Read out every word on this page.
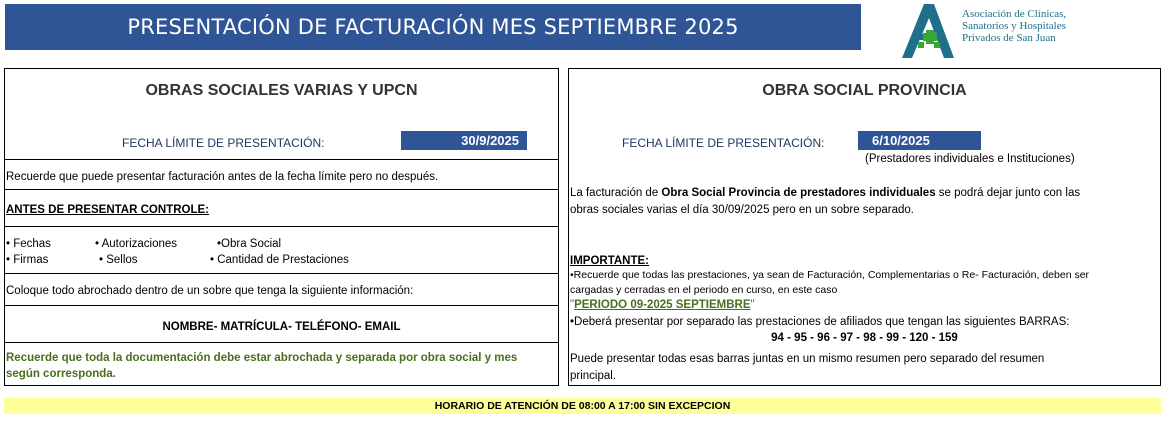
PRESENTACIÓN DE FACTURACIÓN MES SEPTIEMBRE 2025
Asociación de Clínicas,
Sanatorios y Hospitales
Privados de San Juan
OBRAS SOCIALES VARIAS Y UPCN
FECHA LÍMITE DE PRESENTACIÓN:	30/9/2025
Recuerde que puede presentar facturación antes de la fecha límite pero no después.
ANTES DE PRESENTAR CONTROLE:
• Fechas	• Autorizaciones	•Obra Social
• Firmas	• Sellos	• Cantidad de Prestaciones
Coloque todo abrochado dentro de un sobre que tenga la siguiente información:
NOMBRE- MATRÍCULA- TELÉFONO- EMAIL
Recuerde que toda la documentación debe estar abrochada y separada por obra social y mes
según corresponda.
OBRA SOCIAL PROVINCIA
FECHA LÍMITE DE PRESENTACIÓN:	6/10/2025
(Prestadores individuales e Instituciones)
La facturación de Obra Social Provincia de prestadores individuales se podrá dejar junto con las
obras sociales varias el día 30/09/2025 pero en un sobre separado.
IMPORTANTE:
•Recuerde que todas las prestaciones, ya sean de Facturación, Complementarias o Re- Facturación, deben ser
cargadas y cerradas en el periodo en curso, en este caso
"PERIODO 09-2025 SEPTIEMBRE"
•Deberá presentar por separado las prestaciones de afiliados que tengan las siguientes BARRAS:
94 - 95 - 96 - 97 - 98 - 99 - 120 - 159
Puede presentar todas esas barras juntas en un mismo resumen pero separado del resumen
principal.
HORARIO DE ATENCIÓN DE 08:00 A 17:00 SIN EXCEPCION
